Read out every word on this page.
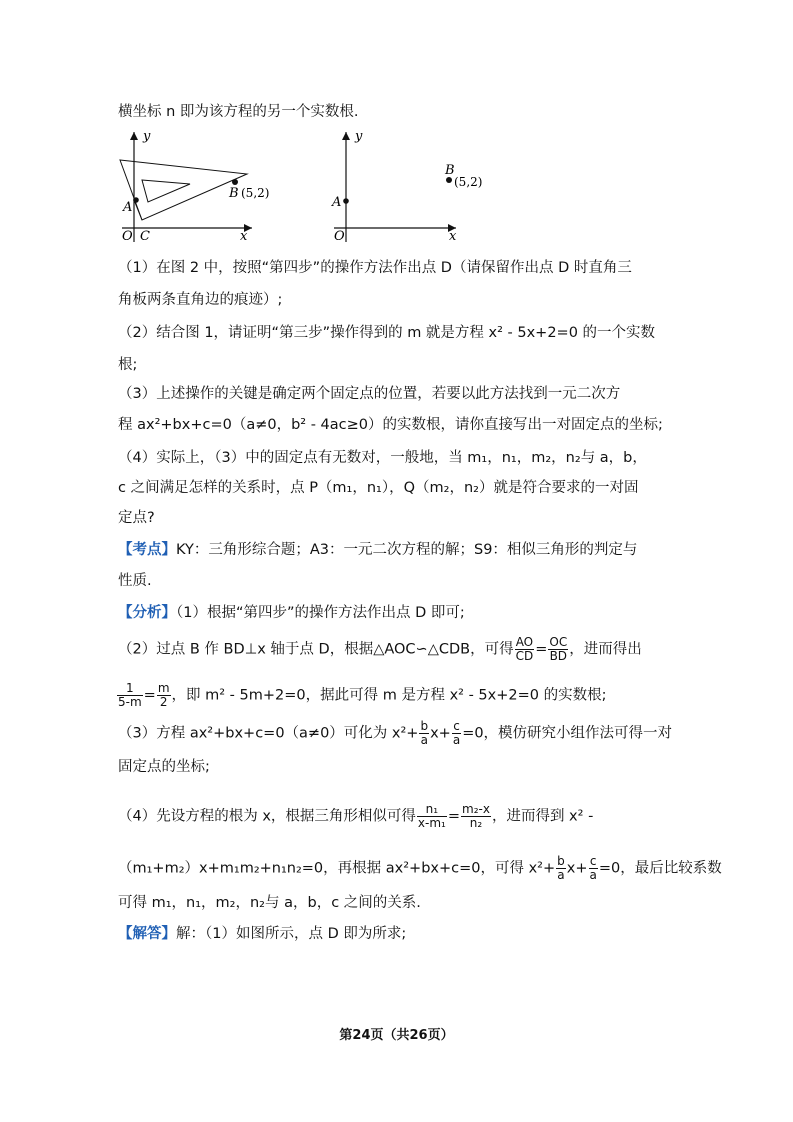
横坐标 n 即为该方程的另一个实数根.
y
x
O C
A
B (5,2)
y
x
O
A
B
(5,2)
（1）在图 2 中，按照“第四步”的操作方法作出点 D（请保留作出点 D 时直角三
角板两条直角边的痕迹）;
（2）结合图 1，请证明“第三步”操作得到的 m 就是方程 x² - 5x+2=0 的一个实数
根;
（3）上述操作的关键是确定两个固定点的位置，若要以此方法找到一元二次方
程 ax²+bx+c=0（a≠0，b² - 4ac≥0）的实数根，请你直接写出一对固定点的坐标;
（4）实际上，（3）中的固定点有无数对，一般地，当 m₁，n₁，m₂，n₂与 a，b，
c 之间满足怎样的关系时，点 P（m₁，n₁），Q（m₂，n₂）就是符合要求的一对固
定点?
【考点】KY：三角形综合题；A3：一元二次方程的解；S9：相似三角形的判定与
性质.
【分析】（1）根据“第四步”的操作方法作出点 D 即可;
（2）过点 B 作 BD⊥x 轴于点 D，根据△AOC∽△CDB，可得 $\frac{AO}{CD} = \frac{OC}{BD}$ ，进而得出
$\frac{1}{5-m} = \frac{m}{2}$ ，即 m² - 5m+2=0，据此可得 m 是方程 x² - 5x+2=0 的实数根;
（3）方程 ax²+bx+c=0（a≠0）可化为 $x^2+ \frac{b}{a} x+ \frac{c}{a} =0$，模仿研究小组作法可得一对
固定点的坐标;
（4）先设方程的根为 x，根据三角形相似可得 $\frac{\text{n₁}}{\text{x-m₁}} = \frac{\text{m₂-x}}{\text{n₂}}$ ，进而得到 x² -
（m₁+m₂）x+m₁m₂+n₁n₂=0，再根据 ax²+bx+c=0，可得 $x^2+ \frac{b}{a} x+ \frac{c}{a} =0$，最后比较系数
可得 m₁，n₁，m₂，n₂与 a，b，c 之间的关系.
【解答】解：（1）如图所示，点 D 即为所求;
第24页（共26页）
